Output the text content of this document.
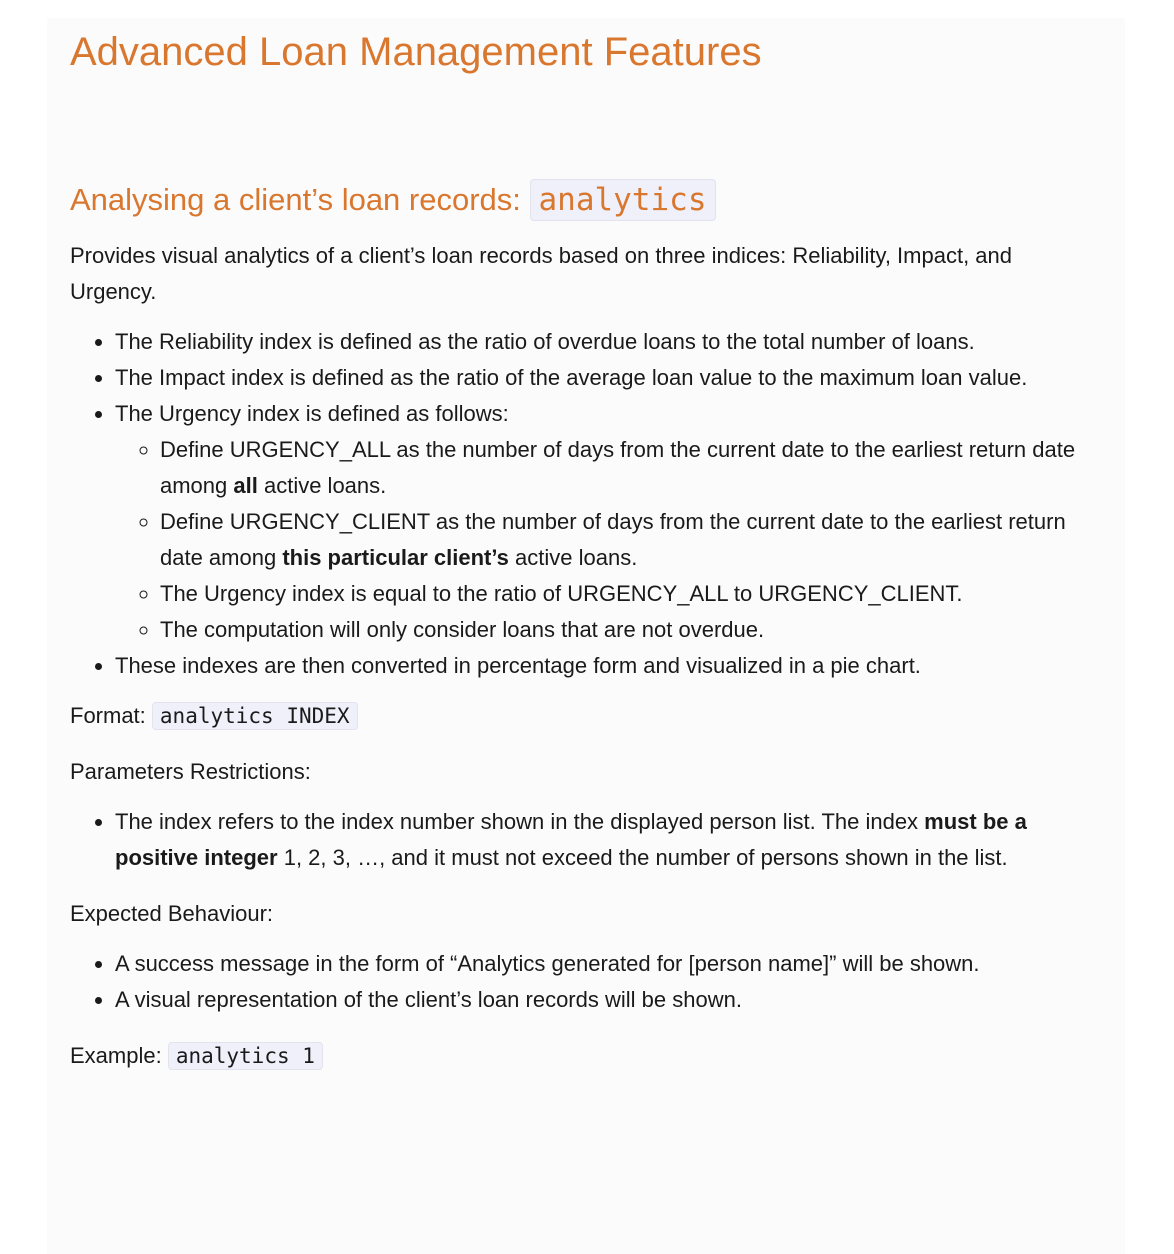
Advanced Loan Management Features
Analysing a client’s loan records: analytics

Provides visual analytics of a client’s loan records based on three indices: Reliability, Impact, and Urgency.

• The Reliability index is defined as the ratio of overdue loans to the total number of loans.
• The Impact index is defined as the ratio of the average loan value to the maximum loan value.
• The Urgency index is defined as follows:
◦ Define URGENCY_ALL as the number of days from the current date to the earliest return date among all active loans.
◦ Define URGENCY_CLIENT as the number of days from the current date to the earliest return date among this particular client’s active loans.
◦ The Urgency index is equal to the ratio of URGENCY_ALL to URGENCY_CLIENT.
◦ The computation will only consider loans that are not overdue.
• These indexes are then converted in percentage form and visualized in a pie chart.

Format: analytics INDEX

Parameters Restrictions:

• The index refers to the index number shown in the displayed person list. The index must be a positive integer 1, 2, 3, …, and it must not exceed the number of persons shown in the list.

Expected Behaviour:

• A success message in the form of “Analytics generated for [person name]” will be shown.
• A visual representation of the client’s loan records will be shown.

Example: analytics 1
